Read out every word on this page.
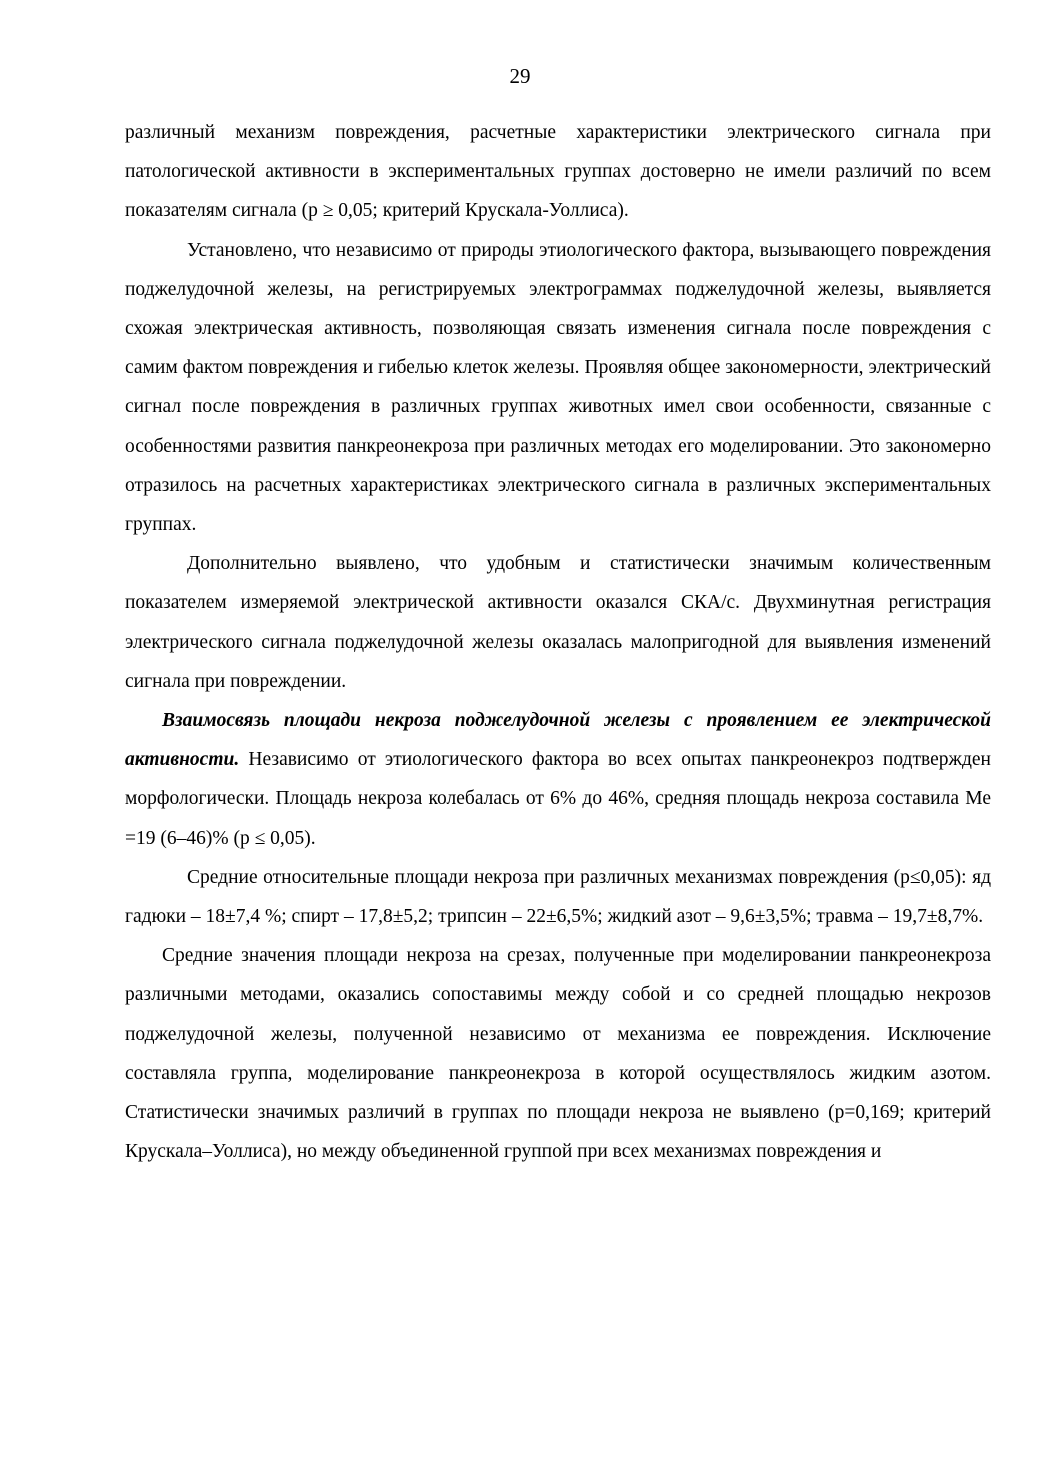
29

различный механизм повреждения, расчетные характеристики электрического сигнала при патологической активности в экспериментальных группах достоверно не имели различий по всем показателям сигнала (р ≥ 0,05; критерий Крускала-Уоллиса).

Установлено, что независимо от природы этиологического фактора, вызывающего повреждения поджелудочной железы, на регистрируемых электрограммах поджелудочной железы, выявляется схожая электрическая активность, позволяющая связать изменения сигнала после повреждения с самим фактом повреждения и гибелью клеток железы. Проявляя общее закономерности, электрический сигнал после повреждения в различных группах животных имел свои особенности, связанные с особенностями развития панкреонекроза при различных методах его моделировании. Это закономерно отразилось на расчетных характеристиках электрического сигнала в различных экспериментальных группах.

Дополнительно выявлено, что удобным и статистически значимым количественным показателем измеряемой электрической активности оказался СКА/с. Двухминутная регистрация электрического сигнала поджелудочной железы оказалась малопригодной для выявления изменений сигнала при повреждении.

Взаимосвязь площади некроза поджелудочной железы с проявлением ее электрической активности. Независимо от этиологического фактора во всех опытах панкреонекроз подтвержден морфологически. Площадь некроза колебалась от 6% до 46%, средняя площадь некроза составила Ме =19 (6–46)% (р ≤ 0,05).

Средние относительные площади некроза при различных механизмах повреждения (р≤0,05): яд гадюки – 18±7,4 %; спирт – 17,8±5,2; трипсин – 22±6,5%; жидкий азот – 9,6±3,5%; травма – 19,7±8,7%.

Средние значения площади некроза на срезах, полученные при моделировании панкреонекроза различными методами, оказались сопоставимы между собой и со средней площадью некрозов поджелудочной железы, полученной независимо от механизма ее повреждения. Исключение составляла группа, моделирование панкреонекроза в которой осуществлялось жидким азотом. Статистически значимых различий в группах по площади некроза не выявлено (р=0,169; критерий Крускала–Уоллиса), но между объединенной группой при всех механизмах повреждения и
